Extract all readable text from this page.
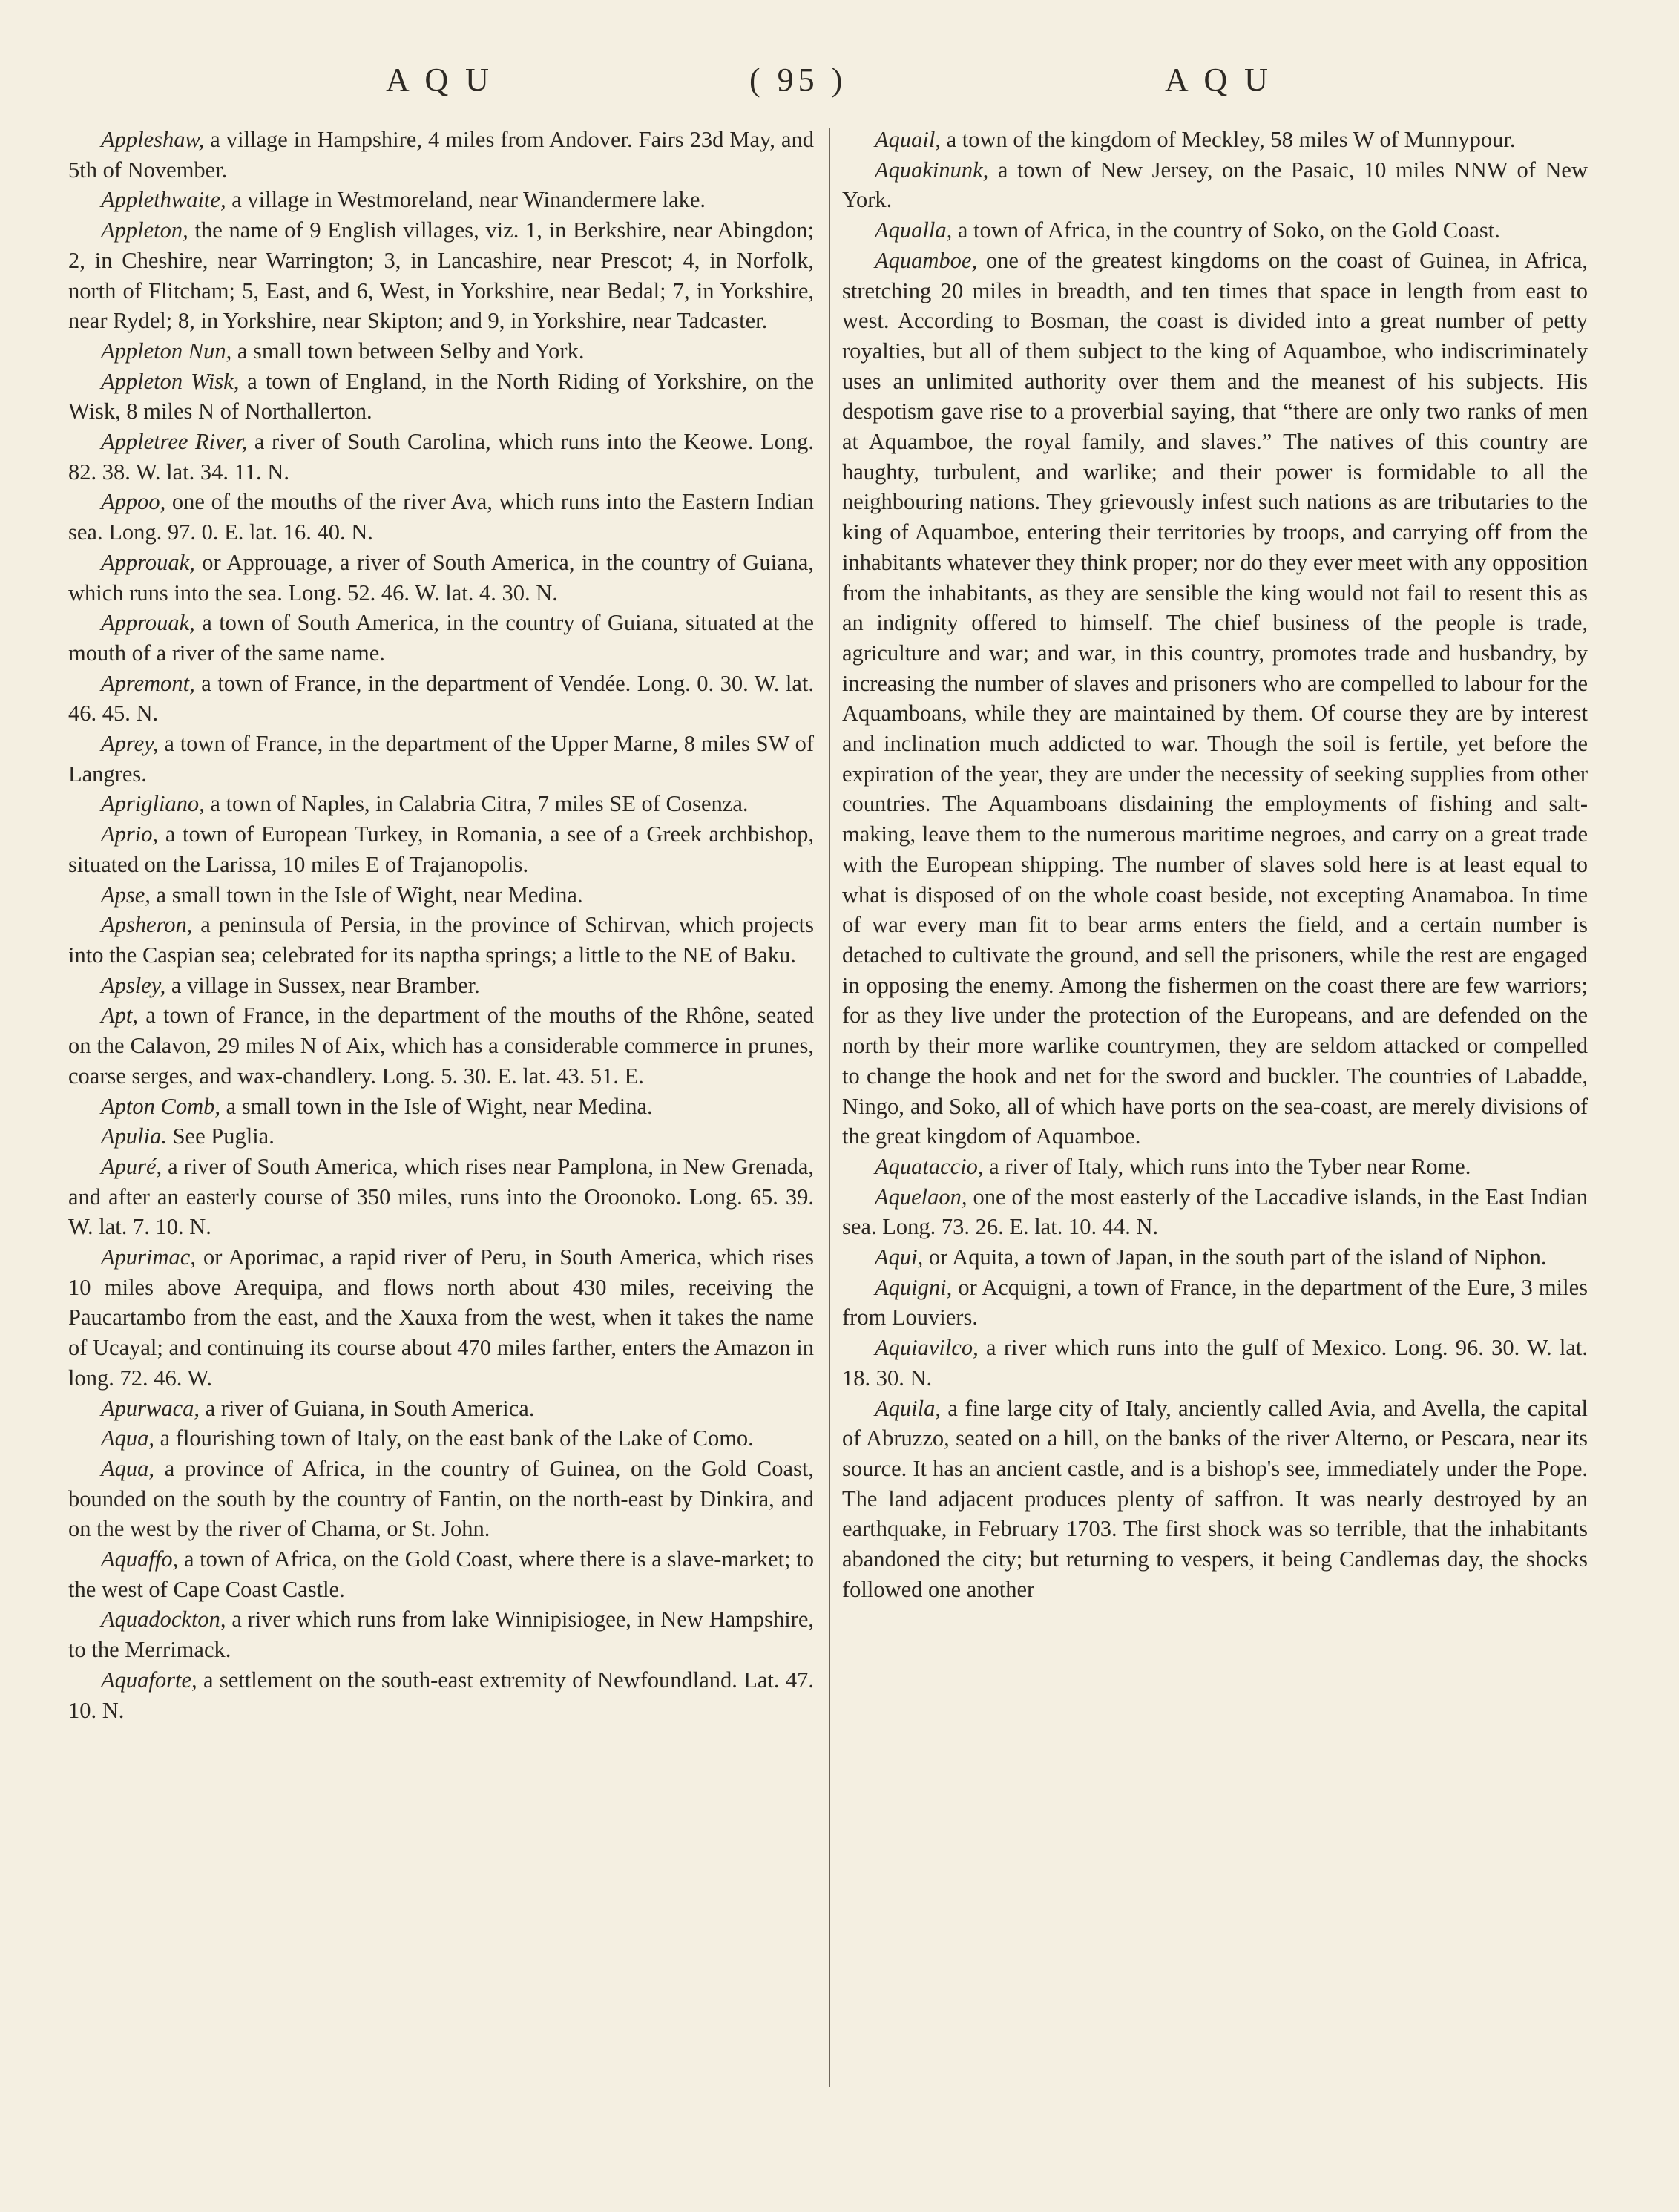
A Q U	( 95 )	A Q U

Appleshaw, a village in Hampshire, 4 miles from Andover. Fairs 23d May, and 5th of November.

Applethwaite, a village in Westmoreland, near Winandermere lake.

Appleton, the name of 9 English villages, viz. 1, in Berkshire, near Abingdon; 2, in Cheshire, near Warrington; 3, in Lancashire, near Prescot; 4, in Norfolk, north of Flitcham; 5, East, and 6, West, in Yorkshire, near Bedal; 7, in Yorkshire, near Rydel; 8, in Yorkshire, near Skipton; and 9, in Yorkshire, near Tadcaster.

Appleton Nun, a small town between Selby and York.

Appleton Wisk, a town of England, in the North Riding of Yorkshire, on the Wisk, 8 miles N of Northallerton.

Appletree River, a river of South Carolina, which runs into the Keowe. Long. 82. 38. W. lat. 34. 11. N.

Appoo, one of the mouths of the river Ava, which runs into the Eastern Indian sea. Long. 97. 0. E. lat. 16. 40. N.

Approuak, or Approuage, a river of South America, in the country of Guiana, which runs into the sea. Long. 52. 46. W. lat. 4. 30. N.

Approuak, a town of South America, in the country of Guiana, situated at the mouth of a river of the same name.

Apremont, a town of France, in the department of Vendée. Long. 0. 30. W. lat. 46. 45. N.

Aprey, a town of France, in the department of the Upper Marne, 8 miles SW of Langres.

Aprigliano, a town of Naples, in Calabria Citra, 7 miles SE of Cosenza.

Aprio, a town of European Turkey, in Romania, a see of a Greek archbishop, situated on the Larissa, 10 miles E of Trajanopolis.

Apse, a small town in the Isle of Wight, near Medina.

Apsheron, a peninsula of Persia, in the province of Schirvan, which projects into the Caspian sea; celebrated for its naptha springs; a little to the NE of Baku.

Apsley, a village in Sussex, near Bramber.

Apt, a town of France, in the department of the mouths of the Rhône, seated on the Calavon, 29 miles N of Aix, which has a considerable commerce in prunes, coarse serges, and wax-chandlery. Long. 5. 30. E. lat. 43. 51. E.

Apton Comb, a small town in the Isle of Wight, near Medina.

Apulia. See Puglia.

Apuré, a river of South America, which rises near Pamplona, in New Grenada, and after an easterly course of 350 miles, runs into the Oroonoko. Long. 65. 39. W. lat. 7. 10. N.

Apurimac, or Aporimac, a rapid river of Peru, in South America, which rises 10 miles above Arequipa, and flows north about 430 miles, receiving the Paucartambo from the east, and the Xauxa from the west, when it takes the name of Ucayal; and continuing its course about 470 miles farther, enters the Amazon in long. 72. 46. W.

Apurwaca, a river of Guiana, in South America.

Aqua, a flourishing town of Italy, on the east bank of the Lake of Como.

Aqua, a province of Africa, in the country of Guinea, on the Gold Coast, bounded on the south by the country of Fantin, on the north-east by Dinkira, and on the west by the river of Chama, or St. John.

Aquaffo, a town of Africa, on the Gold Coast, where there is a slave-market; to the west of Cape Coast Castle.

Aquadockton, a river which runs from lake Winnipisiogee, in New Hampshire, to the Merrimack.

Aquaforte, a settlement on the south-east extremity of Newfoundland. Lat. 47. 10. N.

Aquail, a town of the kingdom of Meckley, 58 miles W of Munnypour.

Aquakinunk, a town of New Jersey, on the Pasaic, 10 miles NNW of New York.

Aqualla, a town of Africa, in the country of Soko, on the Gold Coast.

Aquamboe, one of the greatest kingdoms on the coast of Guinea, in Africa, stretching 20 miles in breadth, and ten times that space in length from east to west. According to Bosman, the coast is divided into a great number of petty royalties, but all of them subject to the king of Aquamboe, who indiscriminately uses an unlimited authority over them and the meanest of his subjects. His despotism gave rise to a proverbial saying, that “there are only two ranks of men at Aquamboe, the royal family, and slaves.” The natives of this country are haughty, turbulent, and warlike; and their power is formidable to all the neighbouring nations. They grievously infest such nations as are tributaries to the king of Aquamboe, entering their territories by troops, and carrying off from the inhabitants whatever they think proper; nor do they ever meet with any opposition from the inhabitants, as they are sensible the king would not fail to resent this as an indignity offered to himself. The chief business of the people is trade, agriculture and war; and war, in this country, promotes trade and husbandry, by increasing the number of slaves and prisoners who are compelled to labour for the Aquamboans, while they are maintained by them. Of course they are by interest and inclination much addicted to war. Though the soil is fertile, yet before the expiration of the year, they are under the necessity of seeking supplies from other countries. The Aquamboans disdaining the employments of fishing and salt-making, leave them to the numerous maritime negroes, and carry on a great trade with the European shipping. The number of slaves sold here is at least equal to what is disposed of on the whole coast beside, not excepting Anamaboa. In time of war every man fit to bear arms enters the field, and a certain number is detached to cultivate the ground, and sell the prisoners, while the rest are engaged in opposing the enemy. Among the fishermen on the coast there are few warriors; for as they live under the protection of the Europeans, and are defended on the north by their more warlike countrymen, they are seldom attacked or compelled to change the hook and net for the sword and buckler. The countries of Labadde, Ningo, and Soko, all of which have ports on the sea-coast, are merely divisions of the great kingdom of Aquamboe.

Aquataccio, a river of Italy, which runs into the Tyber near Rome.

Aquelaon, one of the most easterly of the Laccadive islands, in the East Indian sea. Long. 73. 26. E. lat. 10. 44. N.

Aqui, or Aquita, a town of Japan, in the south part of the island of Niphon.

Aquigni, or Acquigni, a town of France, in the department of the Eure, 3 miles from Louviers.

Aquiavilco, a river which runs into the gulf of Mexico. Long. 96. 30. W. lat. 18. 30. N.

Aquila, a fine large city of Italy, anciently called Avia, and Avella, the capital of Abruzzo, seated on a hill, on the banks of the river Alterno, or Pescara, near its source. It has an ancient castle, and is a bishop's see, immediately under the Pope. The land adjacent produces plenty of saffron. It was nearly destroyed by an earthquake, in February 1703. The first shock was so terrible, that the inhabitants abandoned the city; but returning to vespers, it being Candlemas day, the shocks followed one another
